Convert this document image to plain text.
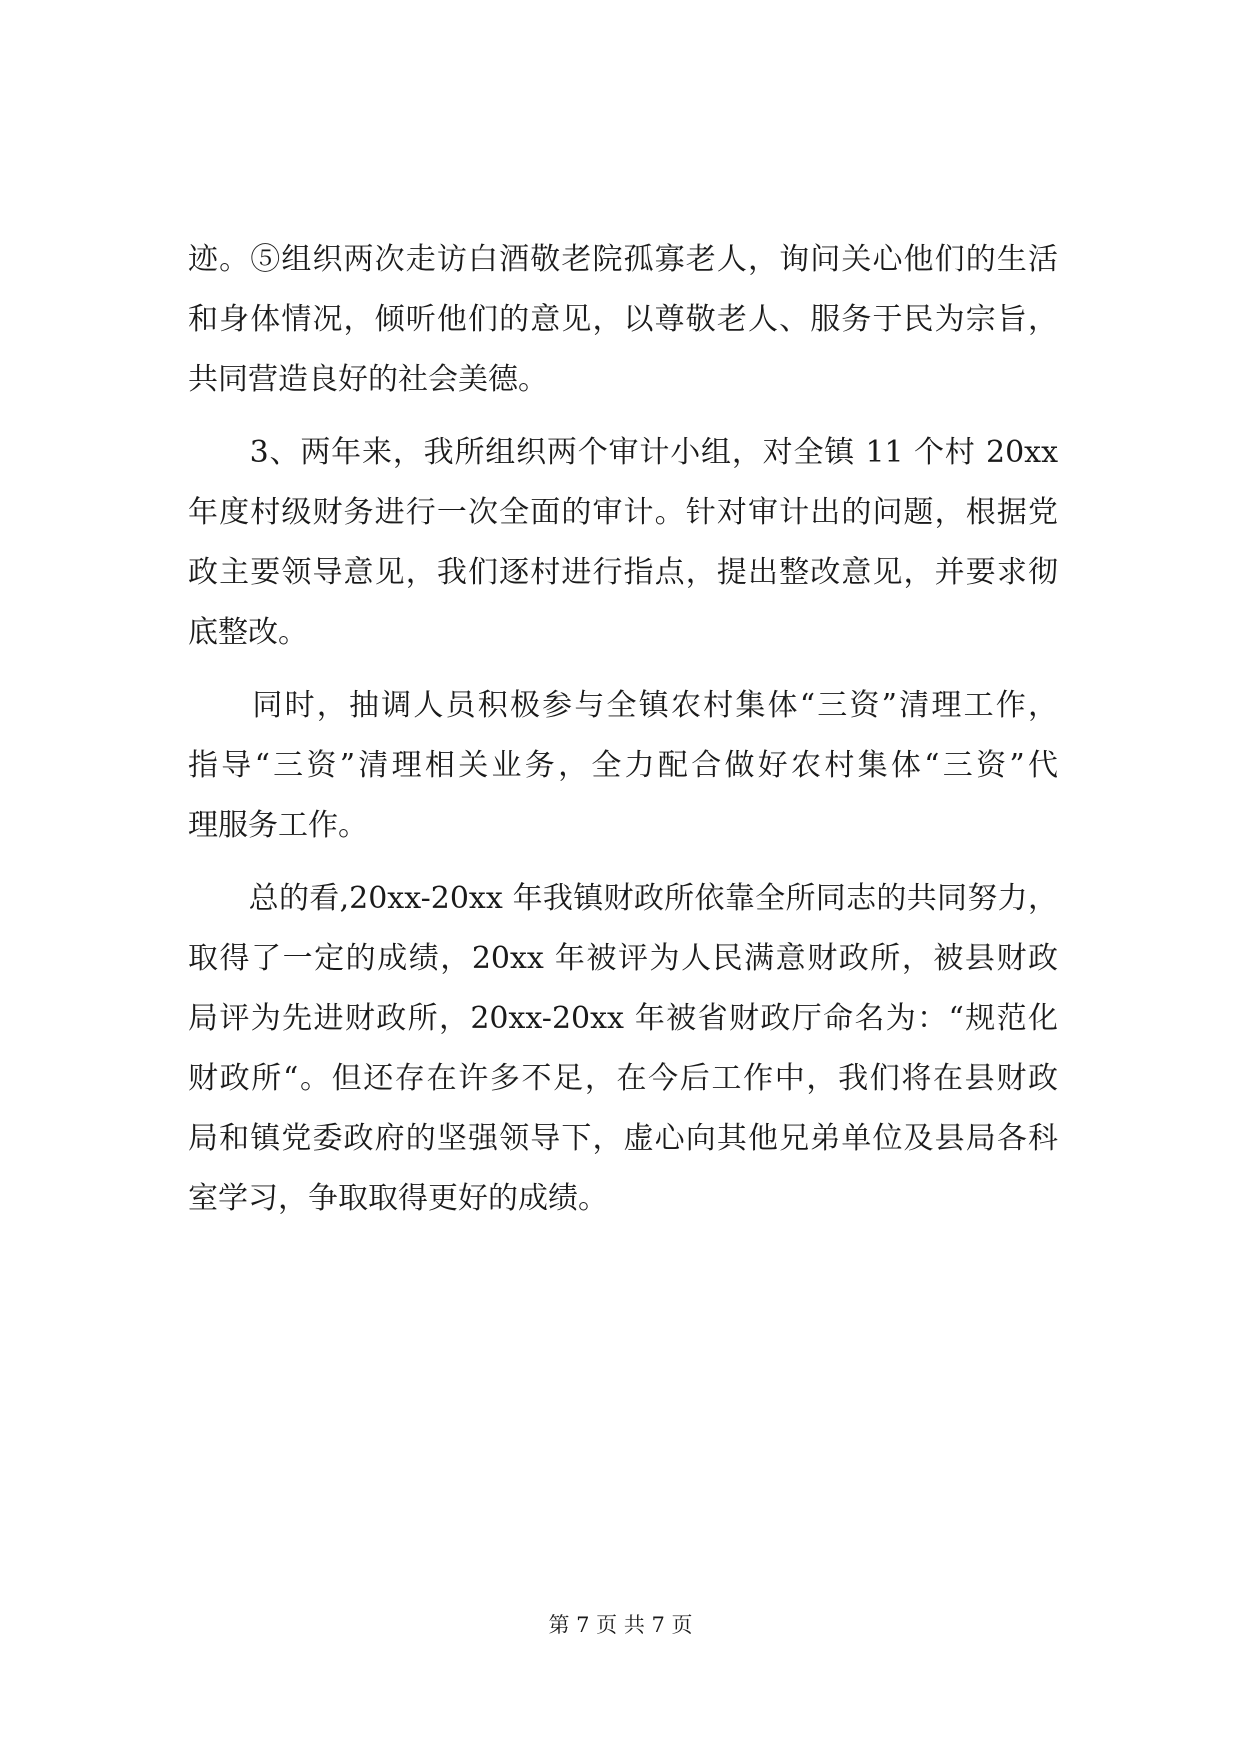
迹。⑤组织两次走访白酒敬老院孤寡老人，询问关心他们的生活
和身体情况，倾听他们的意见，以尊敬老人、服务于民为宗旨，
共同营造良好的社会美德。
　　3、两年来，我所组织两个审计小组，对全镇 11 个村 20xx
年度村级财务进行一次全面的审计。针对审计出的问题，根据党
政主要领导意见，我们逐村进行指点，提出整改意见，并要求彻
底整改。
　　同时，抽调人员积极参与全镇农村集体“三资”清理工作，
指导“三资”清理相关业务，全力配合做好农村集体“三资”代
理服务工作。
　　总的看,20xx-20xx 年我镇财政所依靠全所同志的共同努力，
取得了一定的成绩，20xx 年被评为人民满意财政所，被县财政
局评为先进财政所，20xx-20xx 年被省财政厅命名为：“规范化
财政所“。但还存在许多不足，在今后工作中，我们将在县财政
局和镇党委政府的坚强领导下，虚心向其他兄弟单位及县局各科
室学习，争取取得更好的成绩。
第 7 页 共 7 页
